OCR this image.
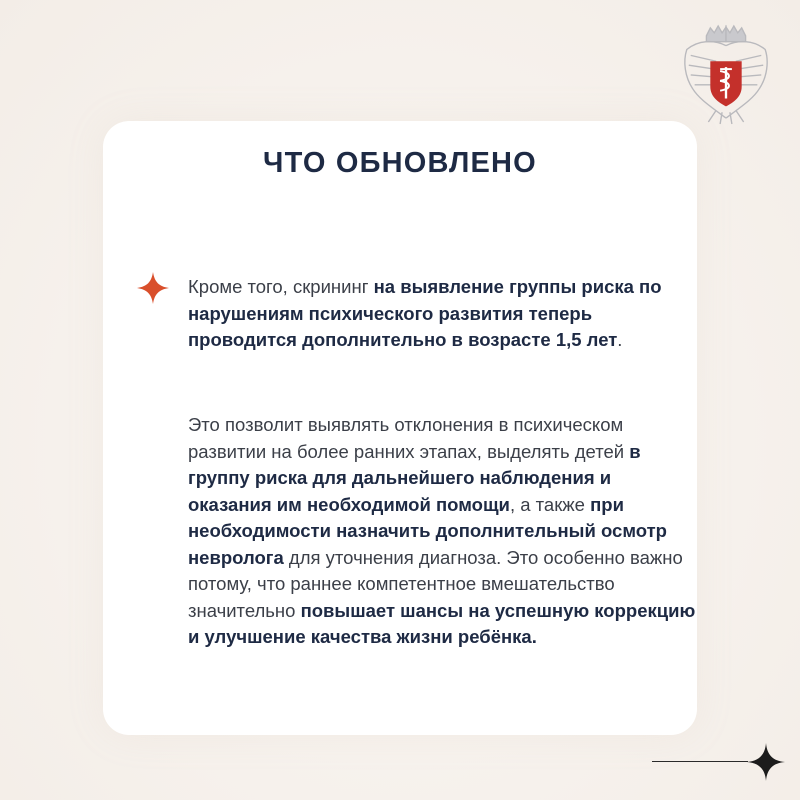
ЧТО ОБНОВЛЕНО

Кроме того, скрининг на выявление группы риска по нарушениям психического развития теперь проводится дополнительно в возрасте 1,5 лет.

Это позволит выявлять отклонения в психическом развитии на более ранних этапах, выделять детей в группу риска для дальнейшего наблюдения и оказания им необходимой помощи, а также при необходимости назначить дополнительный осмотр невролога для уточнения диагноза. Это особенно важно потому, что раннее компетентное вмешательство значительно повышает шансы на успешную коррекцию и улучшение качества жизни ребёнка.
